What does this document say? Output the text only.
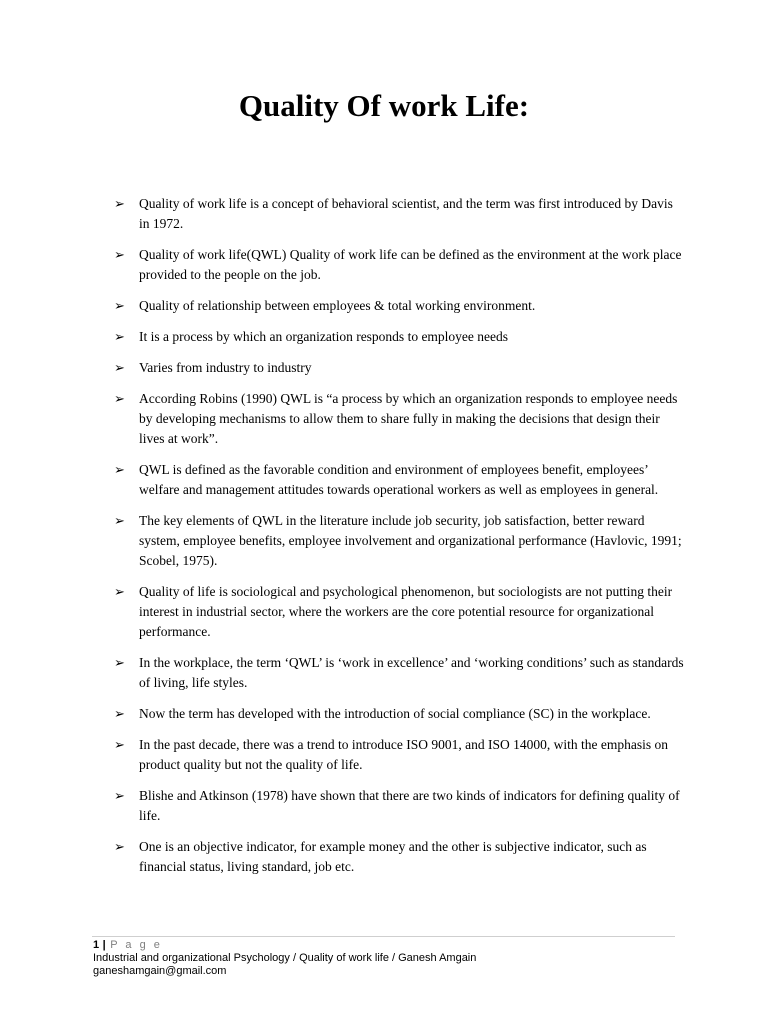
Quality Of work Life:
➢ Quality of work life is a concept of behavioral scientist, and the term was first introduced by Davis in 1972.
➢ Quality of work life(QWL) Quality of work life can be defined as the environment at the work place provided to the people on the job.
➢ Quality of relationship between employees & total working environment.
➢ It is a process by which an organization responds to employee needs
➢ Varies from industry to industry
➢ According Robins (1990) QWL is “a process by which an organization responds to employee needs by developing mechanisms to allow them to share fully in making the decisions that design their lives at work”.
➢ QWL is defined as the favorable condition and environment of employees benefit, employees’ welfare and management attitudes towards operational workers as well as employees in general.
➢ The key elements of QWL in the literature include job security, job satisfaction, better reward system, employee benefits, employee involvement and organizational performance (Havlovic, 1991; Scobel, 1975).
➢ Quality of life is sociological and psychological phenomenon, but sociologists are not putting their interest in industrial sector, where the workers are the core potential resource for organizational performance.
➢ In the workplace, the term ‘QWL’ is ‘work in excellence’ and ‘working conditions’ such as standards of living, life styles.
➢ Now the term has developed with the introduction of social compliance (SC) in the workplace.
➢ In the past decade, there was a trend to introduce ISO 9001, and ISO 14000, with the emphasis on product quality but not the quality of life.
➢ Blishe and Atkinson (1978) have shown that there are two kinds of indicators for defining quality of life.
➢ One is an objective indicator, for example money and the other is subjective indicator, such as financial status, living standard, job etc.
1 | P a g e
Industrial and organizational Psychology / Quality of work life / Ganesh Amgain
ganeshamgain@gmail.com
